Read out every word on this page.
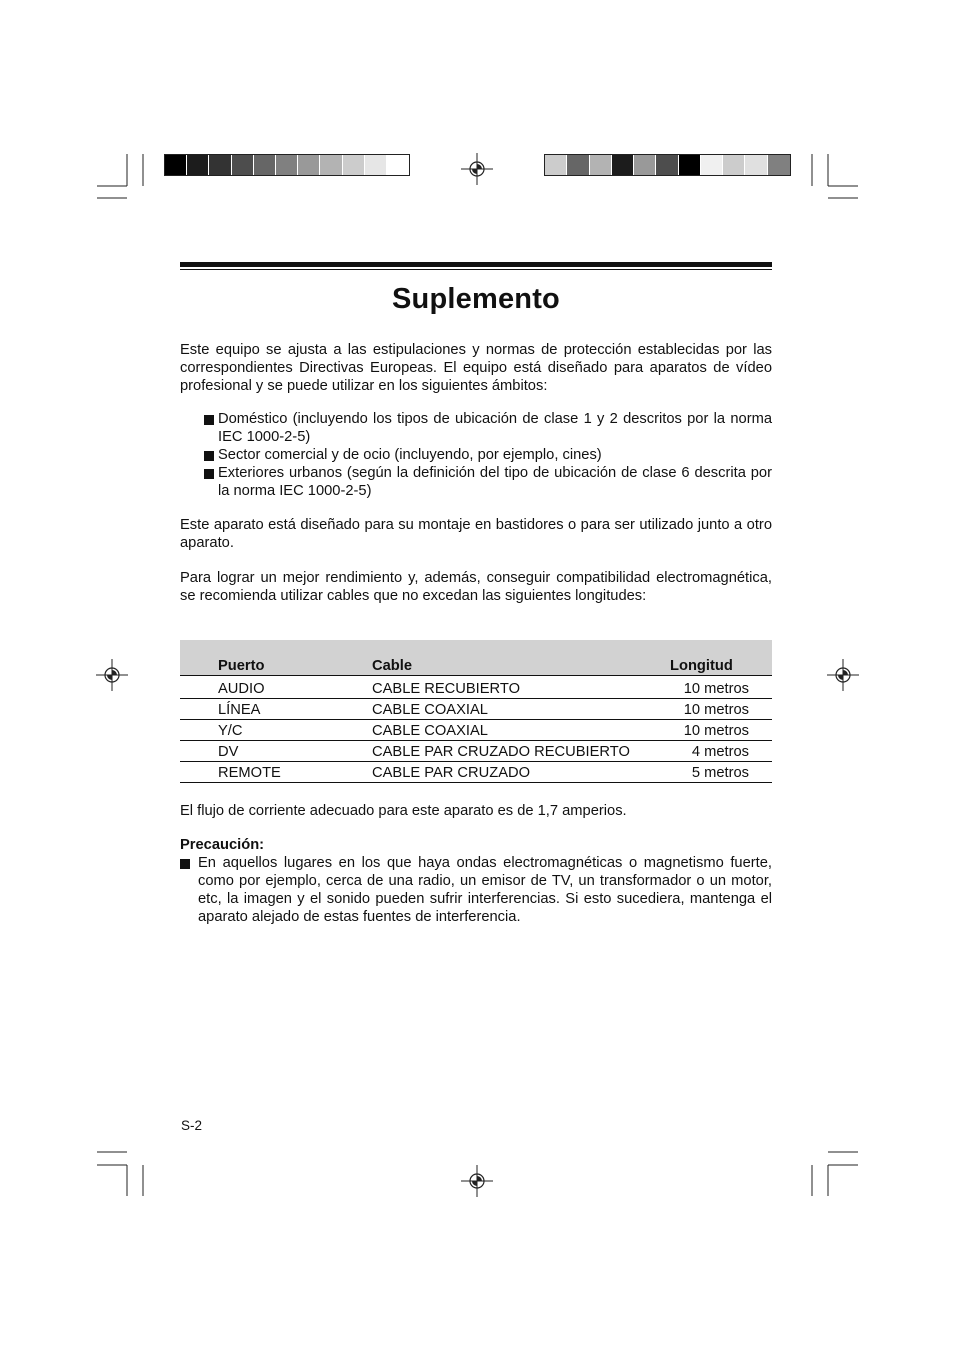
Suplemento

Este equipo se ajusta a las estipulaciones y normas de protección establecidas por las correspondientes Directivas Europeas. El equipo está diseñado para aparatos de vídeo profesional y se puede utilizar en los siguientes ámbitos:

Doméstico (incluyendo los tipos de ubicación de clase 1 y 2 descritos por la norma IEC 1000-2-5)
Sector comercial y de ocio (incluyendo, por ejemplo, cines)
Exteriores urbanos (según la definición del tipo de ubicación de clase 6 descrita por la norma IEC 1000-2-5)

Este aparato está diseñado para su montaje en bastidores o para ser utilizado junto a otro aparato.

Para lograr un mejor rendimiento y, además, conseguir compatibilidad electromagnética, se recomienda utilizar cables que no excedan las siguientes longitudes:

Puerto	Cable	Longitud
AUDIO	CABLE RECUBIERTO	10 metros
LÍNEA	CABLE COAXIAL	10 metros
Y/C	CABLE COAXIAL	10 metros
DV	CABLE PAR CRUZADO RECUBIERTO	4 metros
REMOTE	CABLE PAR CRUZADO	5 metros

El flujo de corriente adecuado para este aparato es de 1,7 amperios.

Precaución:
En aquellos lugares en los que haya ondas electromagnéticas o magnetismo fuerte, como por ejemplo, cerca de una radio, un emisor de TV, un transformador o un motor, etc, la imagen y el sonido pueden sufrir interferencias. Si esto sucediera, mantenga el aparato alejado de estas fuentes de interferencia.
S-2
